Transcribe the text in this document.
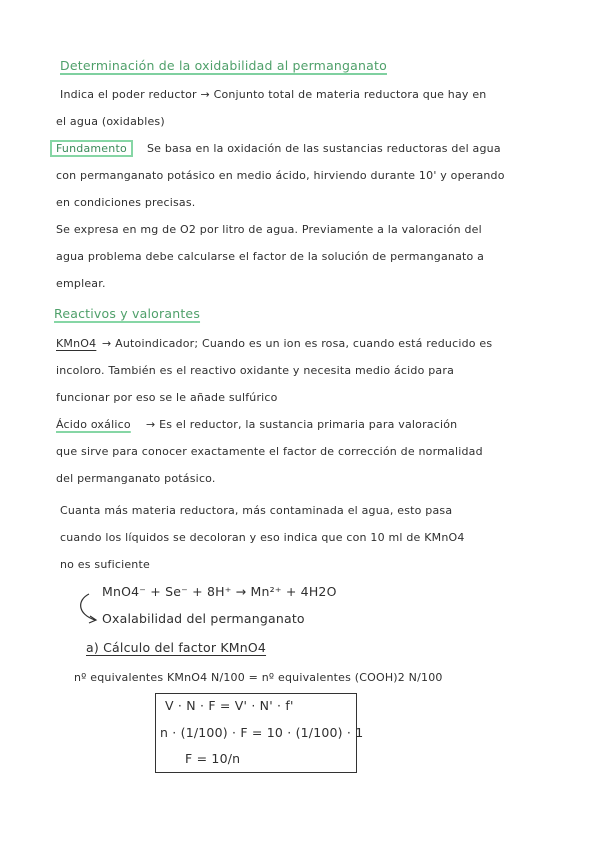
Determinación de la oxidabilidad al permanganato
Indica el poder reductor → Conjunto total de materia reductora que hay en
el agua (oxidables)
Fundamento	Se basa en la oxidación de las sustancias reductoras del agua
con permanganato potásico en medio ácido, hirviendo durante 10' y operando
en condiciones precisas.
Se expresa en mg de O2 por litro de agua. Previamente a la valoración del
agua problema debe calcularse el factor de la solución de permanganato a
emplear.
Reactivos y valorantes
KMnO4 → Autoindicador; Cuando es un ion es rosa, cuando está reducido es
incoloro. También es el reactivo oxidante y necesita medio ácido para
funcionar por eso se le añade sulfúrico
Ácido oxálico → Es el reductor, la sustancia primaria para valoración
que sirve para conocer exactamente el factor de corrección de normalidad
del permanganato potásico.
Cuanta más materia reductora, más contaminada el agua, esto pasa
cuando los líquidos se decoloran y eso indica que con 10 ml de KMnO4
no es suficiente
MnO4⁻ + Se⁻ + 8H⁺ → Mn²⁺ + 4H2O
Oxalabilidad del permanganato
a) Cálculo del factor KMnO4
nº equivalentes KMnO4 N/100 = nº equivalentes (COOH)2 N/100
V · N · F = V' · N' · f'
n · (1/100) · F = 10 · (1/100) · 1
F = 10/n
